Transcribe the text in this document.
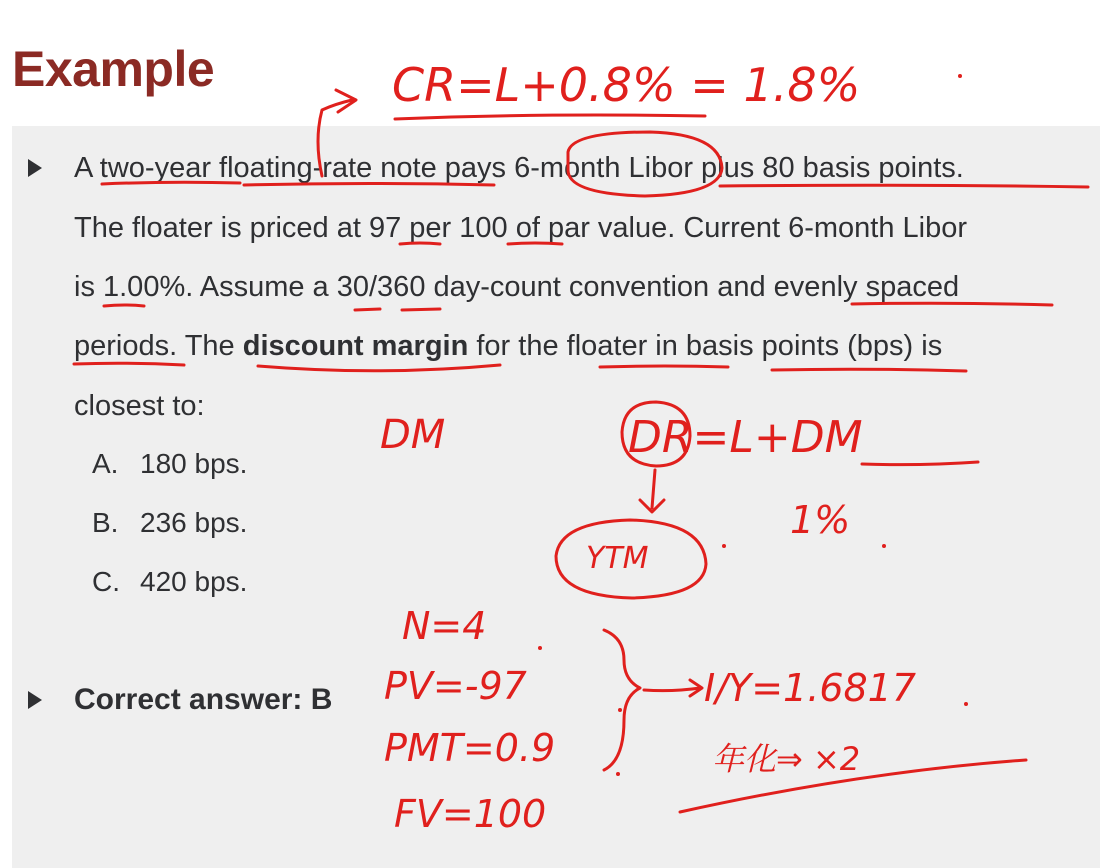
Example
A two-year floating-rate note pays 6-month Libor plus 80 basis points.
The floater is priced at 97 per 100 of par value. Current 6-month Libor
is 1.00%. Assume a 30/360 day-count convention and evenly spaced
periods. The discount margin for the floater in basis points (bps) is
closest to:
A. 180 bps.
B. 236 bps.
C. 420 bps.
Correct answer: B
CR=L+0.8% = 1.8%
DM	DR=L+DM
1%
YTM
N=4
PV=-97
PMT=0.9
FV=100
I/Y=1.6817
年化⇒ ×2
